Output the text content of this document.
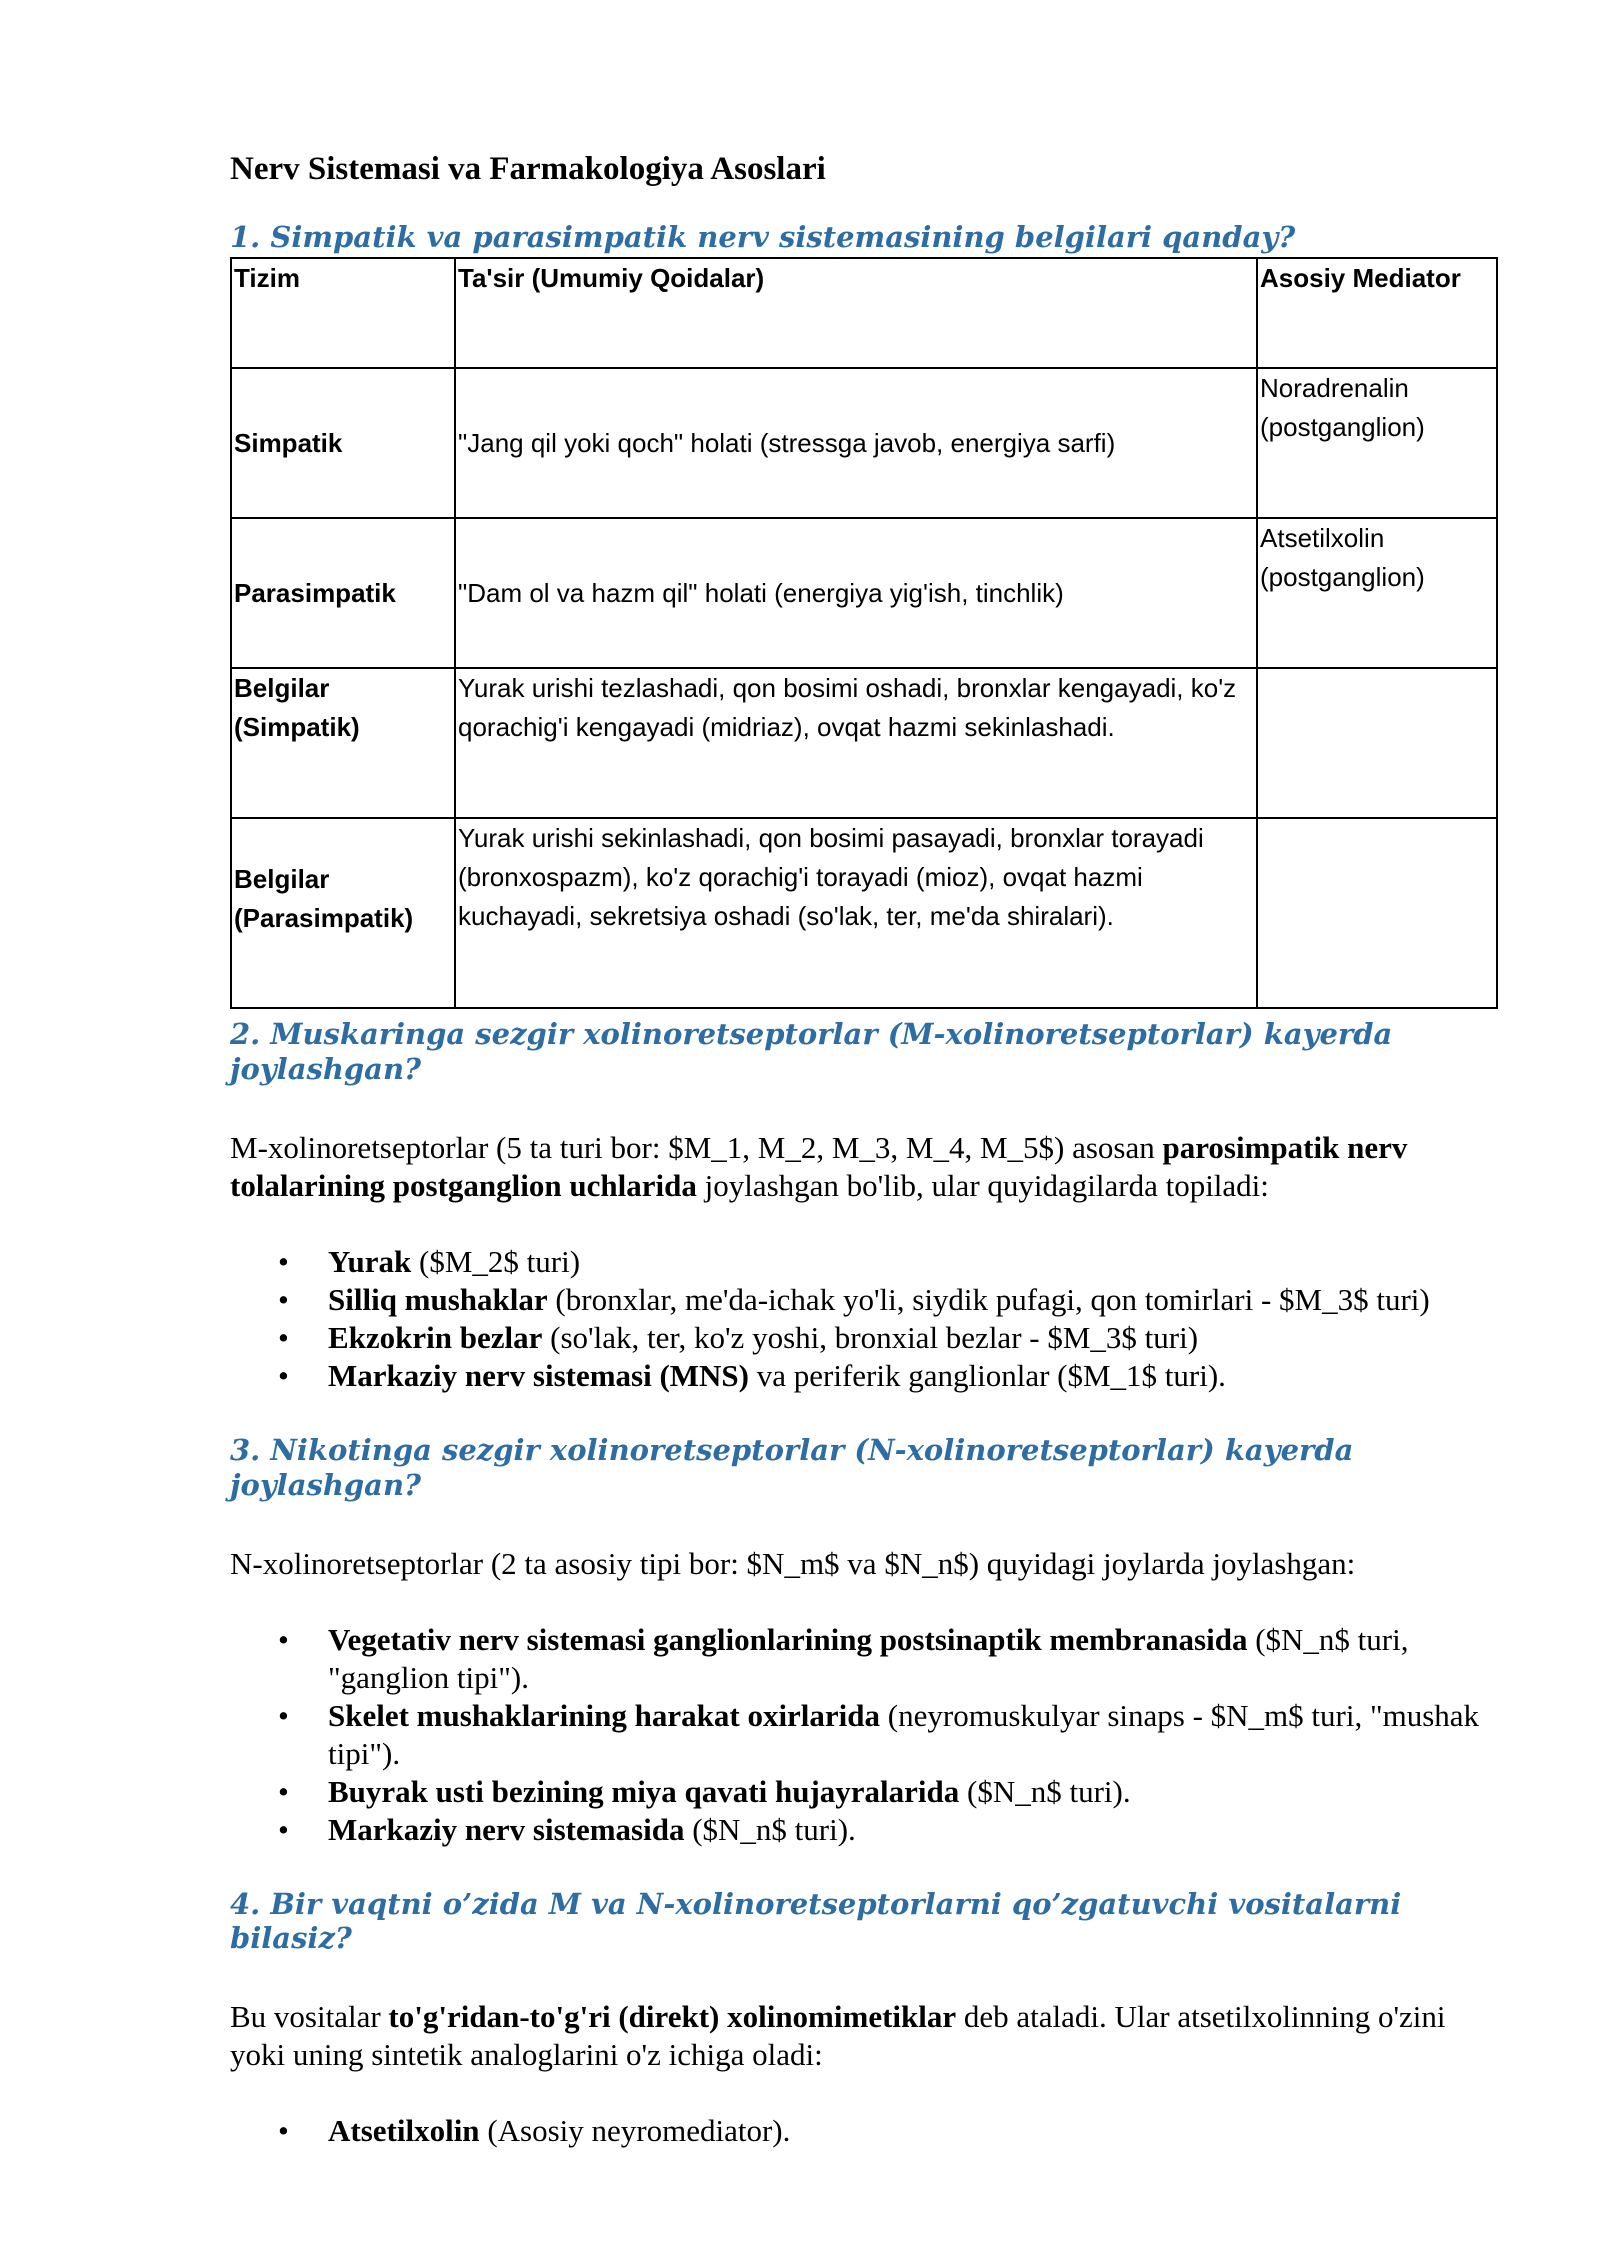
Nerv Sistemasi va Farmakologiya Asoslari
1. Simpatik va parasimpatik nerv sistemasining belgilari qanday?
Tizim	Ta'sir (Umumiy Qoidalar)	Asosiy Mediator
Simpatik	"Jang qil yoki qoch" holati (stressga javob, energiya sarfi)	Noradrenalin (postganglion)
Parasimpatik	"Dam ol va hazm qil" holati (energiya yig'ish, tinchlik)	Atsetilxolin (postganglion)
Belgilar (Simpatik)	Yurak urishi tezlashadi, qon bosimi oshadi, bronxlar kengayadi, ko'z qorachig'i kengayadi (midriaz), ovqat hazmi sekinlashadi.	
Belgilar (Parasimpatik)	Yurak urishi sekinlashadi, qon bosimi pasayadi, bronxlar torayadi (bronxospazm), ko'z qorachig'i torayadi (mioz), ovqat hazmi kuchayadi, sekretsiya oshadi (so'lak, ter, me'da shiralari).	
2. Muskaringa sezgir xolinoretseptorlar (M-xolinoretseptorlar) kayerda joylashgan?

M-xolinoretseptorlar (5 ta turi bor: $M_1, M_2, M_3, M_4, M_5$) asosan parosimpatik nerv tolalarining postganglion uchlarida joylashgan bo'lib, ular quyidagilarda topiladi:

• Yurak ($M_2$ turi)
• Silliq mushaklar (bronxlar, me'da-ichak yo'li, siydik pufagi, qon tomirlari - $M_3$ turi)
• Ekzokrin bezlar (so'lak, ter, ko'z yoshi, bronxial bezlar - $M_3$ turi)
• Markaziy nerv sistemasi (MNS) va periferik ganglionlar ($M_1$ turi).
3. Nikotinga sezgir xolinoretseptorlar (N-xolinoretseptorlar) kayerda joylashgan?

N-xolinoretseptorlar (2 ta asosiy tipi bor: $N_m$ va $N_n$) quyidagi joylarda joylashgan:

• Vegetativ nerv sistemasi ganglionlarining postsinaptik membranasida ($N_n$ turi, "ganglion tipi").
• Skelet mushaklarining harakat oxirlarida (neyromuskulyar sinaps - $N_m$ turi, "mushak tipi").
• Buyrak usti bezining miya qavati hujayralarida ($N_n$ turi).
• Markaziy nerv sistemasida ($N_n$ turi).
4. Bir vaqtni o’zida M va N-xolinoretseptorlarni qo’zgatuvchi vositalarni bilasiz?

Bu vositalar to'g'ridan-to'g'ri (direkt) xolinomimetiklar deb ataladi. Ular atsetilxolinning o'zini yoki uning sintetik analoglarini o'z ichiga oladi:

• Atsetilxolin (Asosiy neyromediator).
